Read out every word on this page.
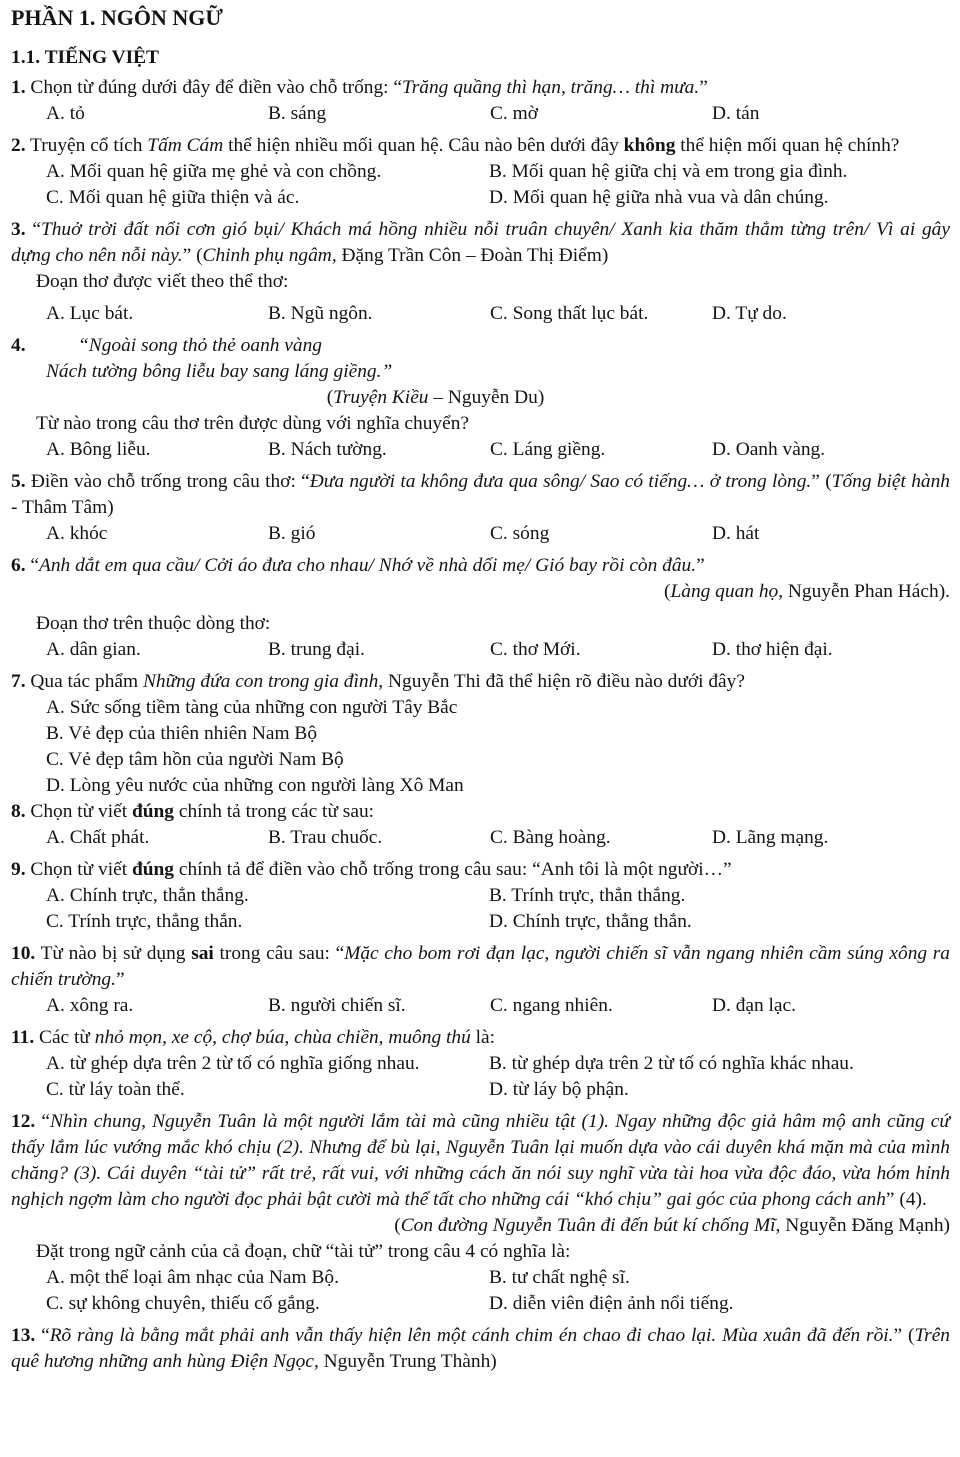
PHẦN 1. NGÔN NGỮ
1.1. TIẾNG VIỆT
1. Chọn từ đúng dưới đây để điền vào chỗ trống: “Trăng quầng thì hạn, trăng… thì mưa.”
A. tỏ	B. sáng	C. mờ	D. tán
2. Truyện cổ tích Tấm Cám thể hiện nhiều mối quan hệ. Câu nào bên dưới đây không thể hiện mối quan hệ chính?
A. Mối quan hệ giữa mẹ ghẻ và con chồng.	B. Mối quan hệ giữa chị và em trong gia đình.
C. Mối quan hệ giữa thiện và ác.	D. Mối quan hệ giữa nhà vua và dân chúng.
3. “Thuở trời đất nổi cơn gió bụi/ Khách má hồng nhiều nỗi truân chuyên/ Xanh kia thăm thẳm từng trên/ Vì ai gây dựng cho nên nỗi này.” (Chinh phụ ngâm, Đặng Trần Côn – Đoàn Thị Điểm)
Đoạn thơ được viết theo thể thơ:
A. Lục bát.	B. Ngũ ngôn.	C. Song thất lục bát.	D. Tự do.
4.	“Ngoài song thỏ thẻ oanh vàng
Nách tường bông liễu bay sang láng giềng.”
(Truyện Kiều – Nguyễn Du)
Từ nào trong câu thơ trên được dùng với nghĩa chuyển?
A. Bông liễu.	B. Nách tường.	C. Láng giềng.	D. Oanh vàng.
5. Điền vào chỗ trống trong câu thơ: “Đưa người ta không đưa qua sông/ Sao có tiếng… ở trong lòng.” (Tống biệt hành - Thâm Tâm)
A. khóc	B. gió	C. sóng	D. hát
6. “Anh dắt em qua cầu/ Cởi áo đưa cho nhau/ Nhớ về nhà dối mẹ/ Gió bay rồi còn đâu.”
(Làng quan họ, Nguyễn Phan Hách).
Đoạn thơ trên thuộc dòng thơ:
A. dân gian.	B. trung đại.	C. thơ Mới.	D. thơ hiện đại.
7. Qua tác phẩm Những đứa con trong gia đình, Nguyễn Thi đã thể hiện rõ điều nào dưới đây?
A. Sức sống tiềm tàng của những con người Tây Bắc
B. Vẻ đẹp của thiên nhiên Nam Bộ
C. Vẻ đẹp tâm hồn của người Nam Bộ
D. Lòng yêu nước của những con người làng Xô Man
8. Chọn từ viết đúng chính tả trong các từ sau:
A. Chất phát.	B. Trau chuốc.	C. Bàng hoàng.	D. Lãng mạng.
9. Chọn từ viết đúng chính tả để điền vào chỗ trống trong câu sau: “Anh tôi là một người…”
A. Chính trực, thẳn thắng.	B. Trính trực, thẳn thắng.
C. Trính trực, thẳng thắn.	D. Chính trực, thẳng thắn.
10. Từ nào bị sử dụng sai trong câu sau: “Mặc cho bom rơi đạn lạc, người chiến sĩ vẫn ngang nhiên cầm súng xông ra chiến trường.”
A. xông ra.	B. người chiến sĩ.	C. ngang nhiên.	D. đạn lạc.
11. Các từ nhỏ mọn, xe cộ, chợ búa, chùa chiền, muông thú là:
A. từ ghép dựa trên 2 từ tố có nghĩa giống nhau.	B. từ ghép dựa trên 2 từ tố có nghĩa khác nhau.
C. từ láy toàn thể.	D. từ láy bộ phận.
12. “Nhìn chung, Nguyễn Tuân là một người lắm tài mà cũng nhiều tật (1). Ngay những độc giả hâm mộ anh cũng cứ thấy lắm lúc vướng mắc khó chịu (2). Nhưng để bù lại, Nguyễn Tuân lại muốn dựa vào cái duyên khá mặn mà của mình chăng? (3). Cái duyên “tài tử” rất trẻ, rất vui, với những cách ăn nói suy nghĩ vừa tài hoa vừa độc đáo, vừa hóm hỉnh nghịch ngợm làm cho người đọc phải bật cười mà thể tất cho những cái “khó chịu” gai góc của phong cách anh” (4).
(Con đường Nguyễn Tuân đi đến bút kí chống Mĩ, Nguyễn Đăng Mạnh)
Đặt trong ngữ cảnh của cả đoạn, chữ “tài tử” trong câu 4 có nghĩa là:
A. một thể loại âm nhạc của Nam Bộ.	B. tư chất nghệ sĩ.
C. sự không chuyên, thiếu cố gắng.	D. diễn viên điện ảnh nổi tiếng.
13. “Rõ ràng là bằng mắt phải anh vẫn thấy hiện lên một cánh chim én chao đi chao lại. Mùa xuân đã đến rồi.” (Trên quê hương những anh hùng Điện Ngọc, Nguyễn Trung Thành)
